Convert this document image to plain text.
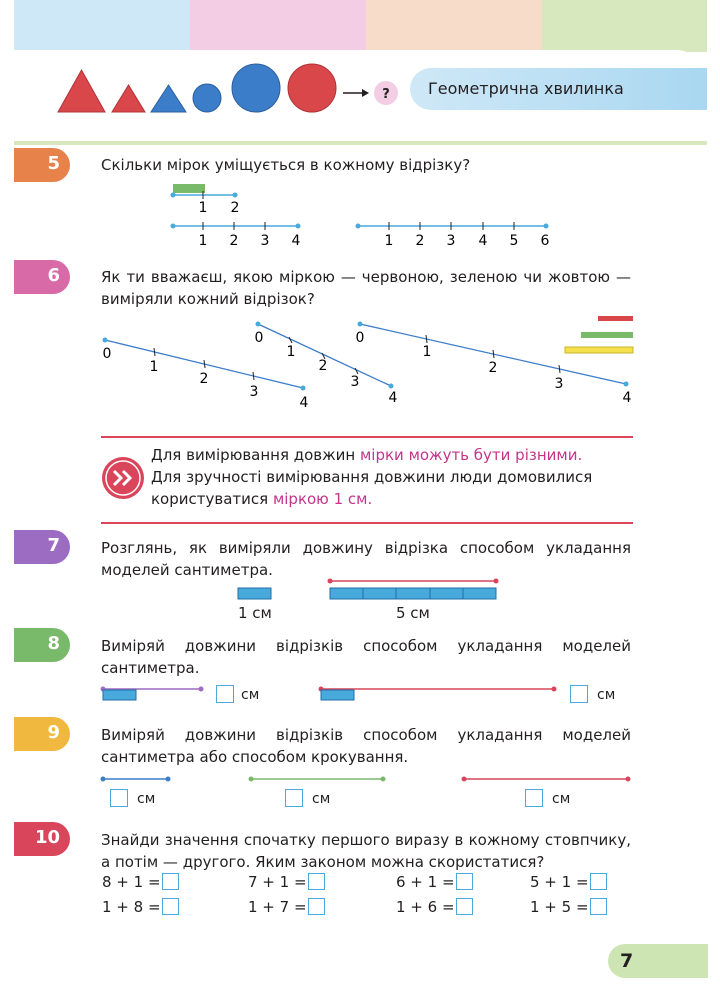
? Геометрична хвилинка
5	Скільки мірок уміщується в кожному відрізку?
1 2
1 2 3 4	1 2 3 4 5 6
6	Як ти вважаєш, якою міркою — червоною, зеленою чи жовтою — виміряли кожний відрізок?
0
1
2
3
4
0
1
2
3
4
0
1
2
3
4
Для вимірювання довжин мірки можуть бути різними.
Для зручності вимірювання довжини люди домовилися
користуватися міркою 1 см.
7	Розглянь, як виміряли довжину відрізка способом укладання моделей сантиметра.
1 см	5 см
8	Виміряй довжини відрізків способом укладання моделей сантиметра.
см	см
9	Виміряй довжини відрізків способом укладання моделей сантиметра або способом крокування.
см	см	см
10	Знайди значення спочатку першого виразу в кожному стовпчику, а потім — другого. Яким законом можна скористатися?
8 + 1 =	7 + 1 =	6 + 1 =	5 + 1 =
1 + 8 =	1 + 7 =	1 + 6 =	1 + 5 =
7
